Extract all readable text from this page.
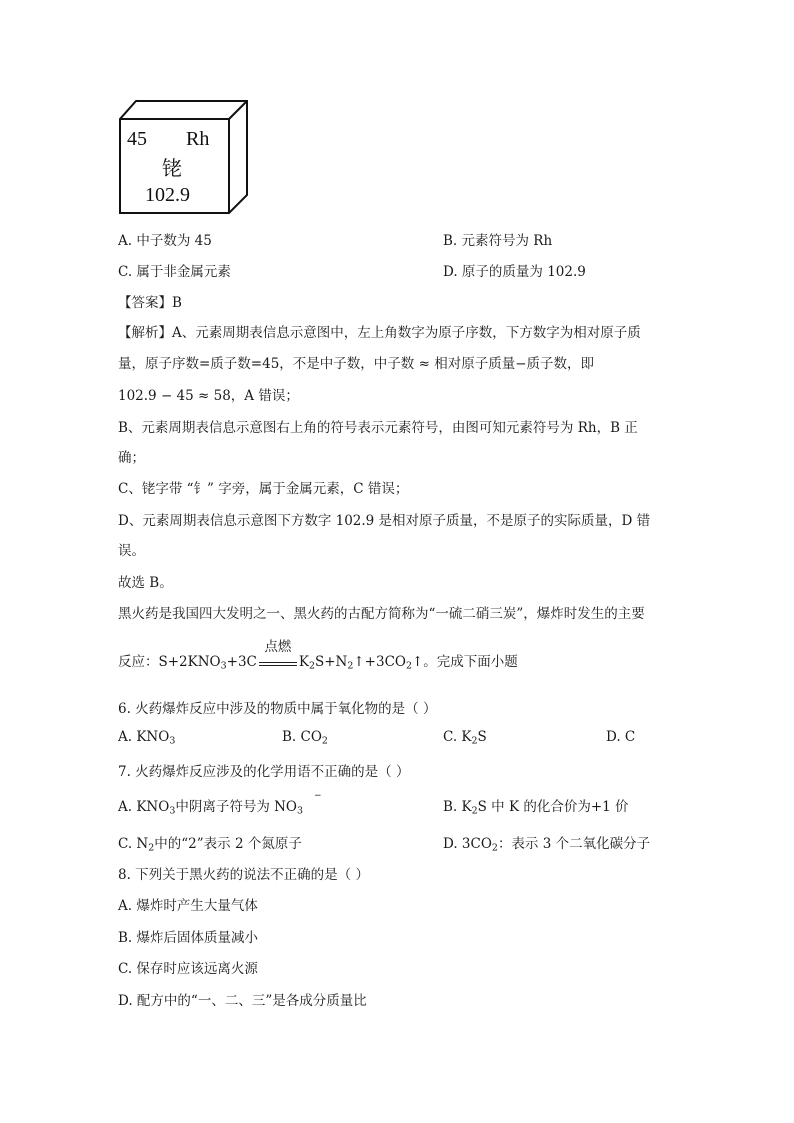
45 Rh
铑
102.9
A. 中子数为 45	B. 元素符号为 Rh
C. 属于非金属元素	D. 原子的质量为 102.9
【答案】B
【解析】A、元素周期表信息示意图中，左上角数字为原子序数，下方数字为相对原子质
量，原子序数=质子数=45，不是中子数，中子数 ≈ 相对原子质量−质子数，即
102.9 − 45 ≈ 58，A 错误；
B、元素周期表信息示意图右上角的符号表示元素符号，由图可知元素符号为 Rh，B 正
确；
C、铑字带 “钅” 字旁，属于金属元素，C 错误；
D、元素周期表信息示意图下方数字 102.9 是相对原子质量，不是原子的实际质量，D 错
误。
故选 B。
黑火药是我国四大发明之一、黑火药的古配方简称为“一硫二硝三炭”，爆炸时发生的主要
反应：$S+2KNO_3+3C$
点燃
$K_2S+N_2↑+3CO_2↑$。完成下面小题
6. 火药爆炸反应中涉及的物质中属于氧化物的是（ ）
A. $KNO_3$	B. $CO_2$	C. $K_2S$	D. C
7. 火药爆炸反应涉及的化学用语不正确的是（ ）
A. $KNO_3$中阴离子符号为 $NO_3$
−
B. $K_2S$ 中 K 的化合价为+1 价
C. $N_2$中的“2”表示 2 个氮原子	D. $3CO_2$：表示 3 个二氧化碳分子
8. 下列关于黑火药的说法不正确的是（ ）
A. 爆炸时产生大量气体
B. 爆炸后固体质量减小
C. 保存时应该远离火源
D. 配方中的“一、二、三”是各成分质量比
